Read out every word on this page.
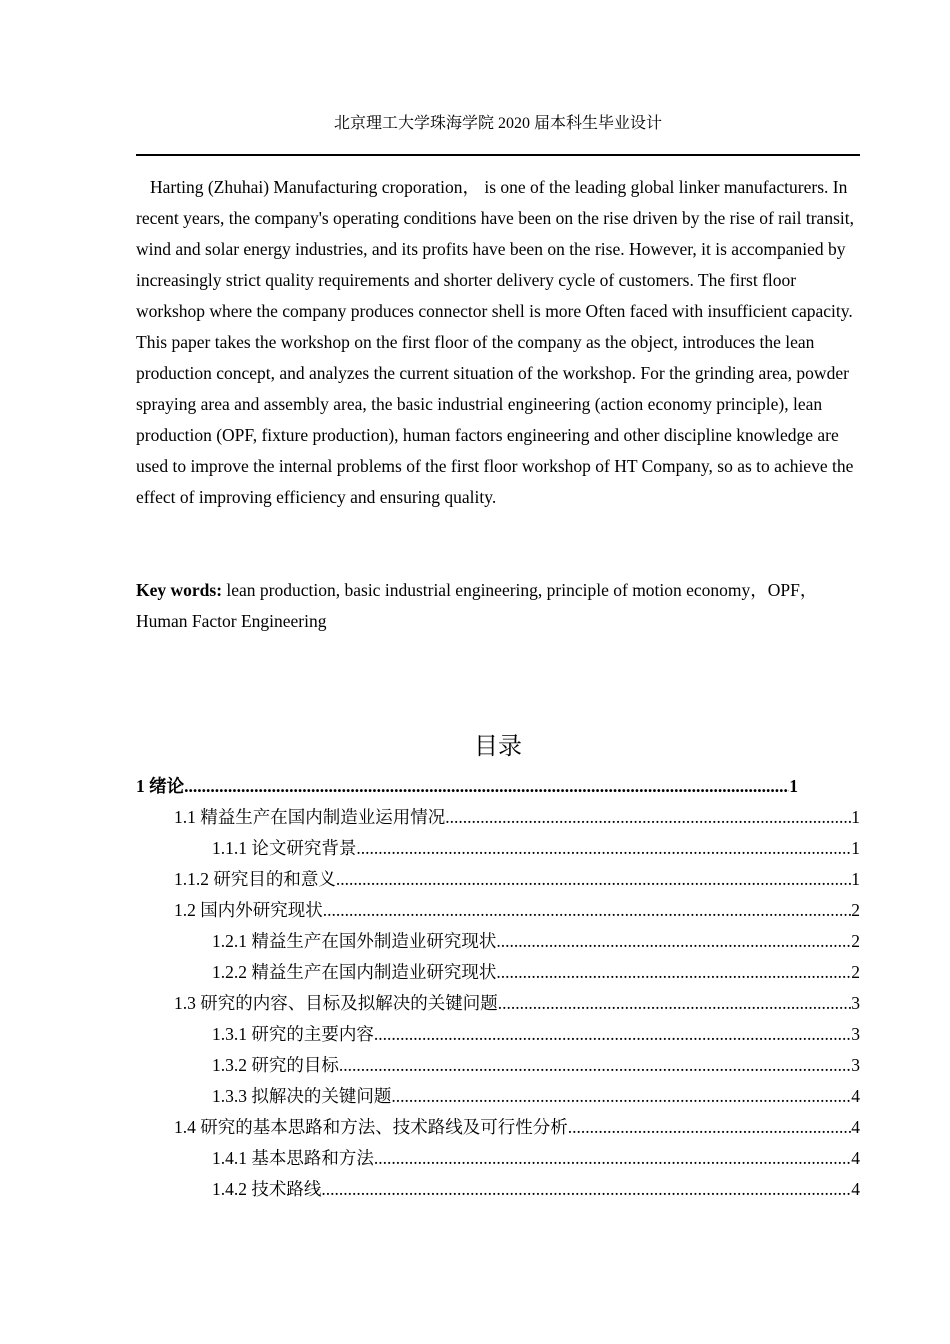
北京理工大学珠海学院 2020 届本科生毕业设计

Harting (Zhuhai) Manufacturing croporation， is one of the leading global linker manufacturers. In recent years, the company's operating conditions have been on the rise driven by the rise of rail transit, wind and solar energy industries, and its profits have been on the rise. However, it is accompanied by increasingly strict quality requirements and shorter delivery cycle of customers. The first floor workshop where the company produces connector shell is more Often faced with insufficient capacity. This paper takes the workshop on the first floor of the company as the object, introduces the lean production concept, and analyzes the current situation of the workshop. For the grinding area, powder spraying area and assembly area, the basic industrial engineering (action economy principle), lean production (OPF, fixture production), human factors engineering and other discipline knowledge are used to improve the internal problems of the first floor workshop of HT Company, so as to achieve the effect of improving efficiency and ensuring quality.

Key words: lean production, basic industrial engineering, principle of motion economy，OPF，Human Factor Engineering

目录
1 绪论 .....	1
1.1 精益生产在国内制造业运用情况 .....	1
1.1.1 论文研究背景 .....	1
1.1.2 研究目的和意义 .....	1
1.2 国内外研究现状 .....	2
1.2.1 精益生产在国外制造业研究现状 .....	2
1.2.2 精益生产在国内制造业研究现状 .....	2
1.3 研究的内容、目标及拟解决的关键问题 .....	3
1.3.1 研究的主要内容 .....	3
1.3.2 研究的目标 .....	3
1.3.3 拟解决的关键问题 .....	4
1.4 研究的基本思路和方法、技术路线及可行性分析 .....	4
1.4.1 基本思路和方法 .....	4
1.4.2 技术路线 .....	4
